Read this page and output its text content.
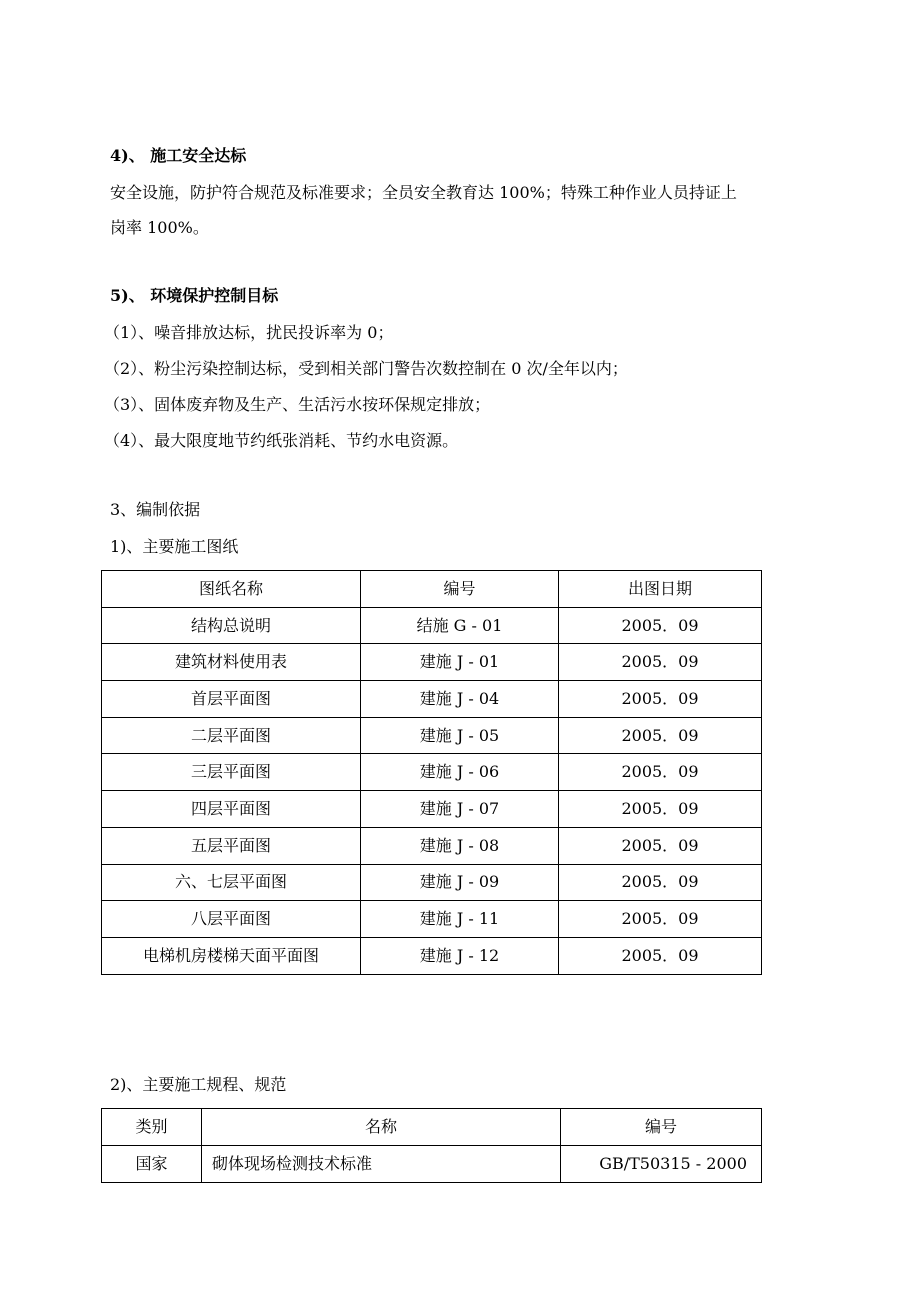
4)、 施工安全达标
安全设施，防护符合规范及标准要求；全员安全教育达 100%；特殊工种作业人员持证上
岗率 100%。
5)、 环境保护控制目标
（1）、噪音排放达标，扰民投诉率为 0；
（2）、粉尘污染控制达标，受到相关部门警告次数控制在 0 次/全年以内；
（3）、固体废弃物及生产、生活污水按环保规定排放；
（4）、最大限度地节约纸张消耗、节约水电资源。
3、编制依据
1)、主要施工图纸
图纸名称	编号	出图日期
结构总说明	结施 G - 01	2005．09
建筑材料使用表	建施 J - 01	2005．09
首层平面图	建施 J - 04	2005．09
二层平面图	建施 J - 05	2005．09
三层平面图	建施 J - 06	2005．09
四层平面图	建施 J - 07	2005．09
五层平面图	建施 J - 08	2005．09
六、七层平面图	建施 J - 09	2005．09
八层平面图	建施 J - 11	2005．09
电梯机房楼梯天面平面图	建施 J - 12	2005．09
2)、主要施工规程、规范
类别	名称	编号
国家	砌体现场检测技术标准	GB/T50315 - 2000
